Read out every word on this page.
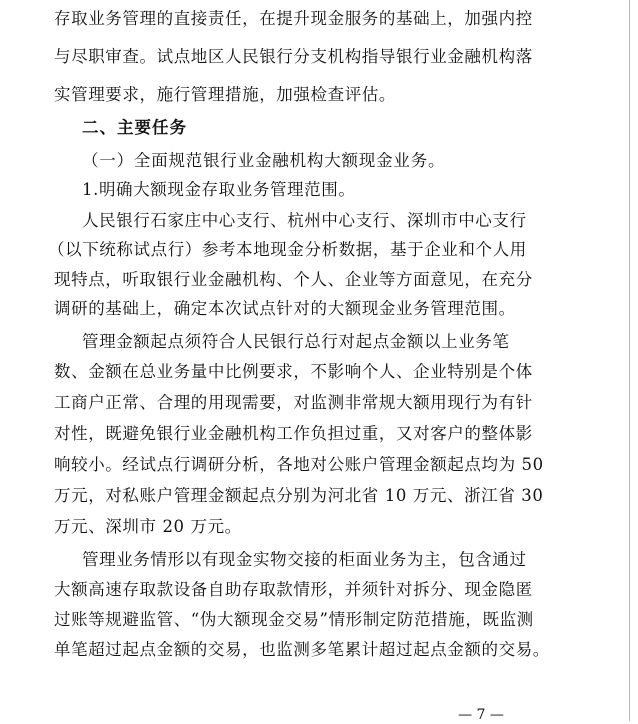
存取业务管理的直接责任，在提升现金服务的基础上，加强内控
与尽职审查。试点地区人民银行分支机构指导银行业金融机构落
实管理要求，施行管理措施，加强检查评估。
二、主要任务
（一）全面规范银行业金融机构大额现金业务。
1.明确大额现金存取业务管理范围。
人民银行石家庄中心支行、杭州中心支行、深圳市中心支行
（以下统称试点行）参考本地现金分析数据，基于企业和个人用
现特点，听取银行业金融机构、个人、企业等方面意见，在充分
调研的基础上，确定本次试点针对的大额现金业务管理范围。
管理金额起点须符合人民银行总行对起点金额以上业务笔
数、金额在总业务量中比例要求，不影响个人、企业特别是个体
工商户正常、合理的用现需要，对监测非常规大额用现行为有针
对性，既避免银行业金融机构工作负担过重，又对客户的整体影
响较小。经试点行调研分析，各地对公账户管理金额起点均为 50
万元，对私账户管理金额起点分别为河北省 10 万元、浙江省 30
万元、深圳市 20 万元。
管理业务情形以有现金实物交接的柜面业务为主，包含通过
大额高速存取款设备自助存取款情形，并须针对拆分、现金隐匿
过账等规避监管、“伪大额现金交易”情形制定防范措施，既监测
单笔超过起点金额的交易，也监测多笔累计超过起点金额的交易。
— 7 —
